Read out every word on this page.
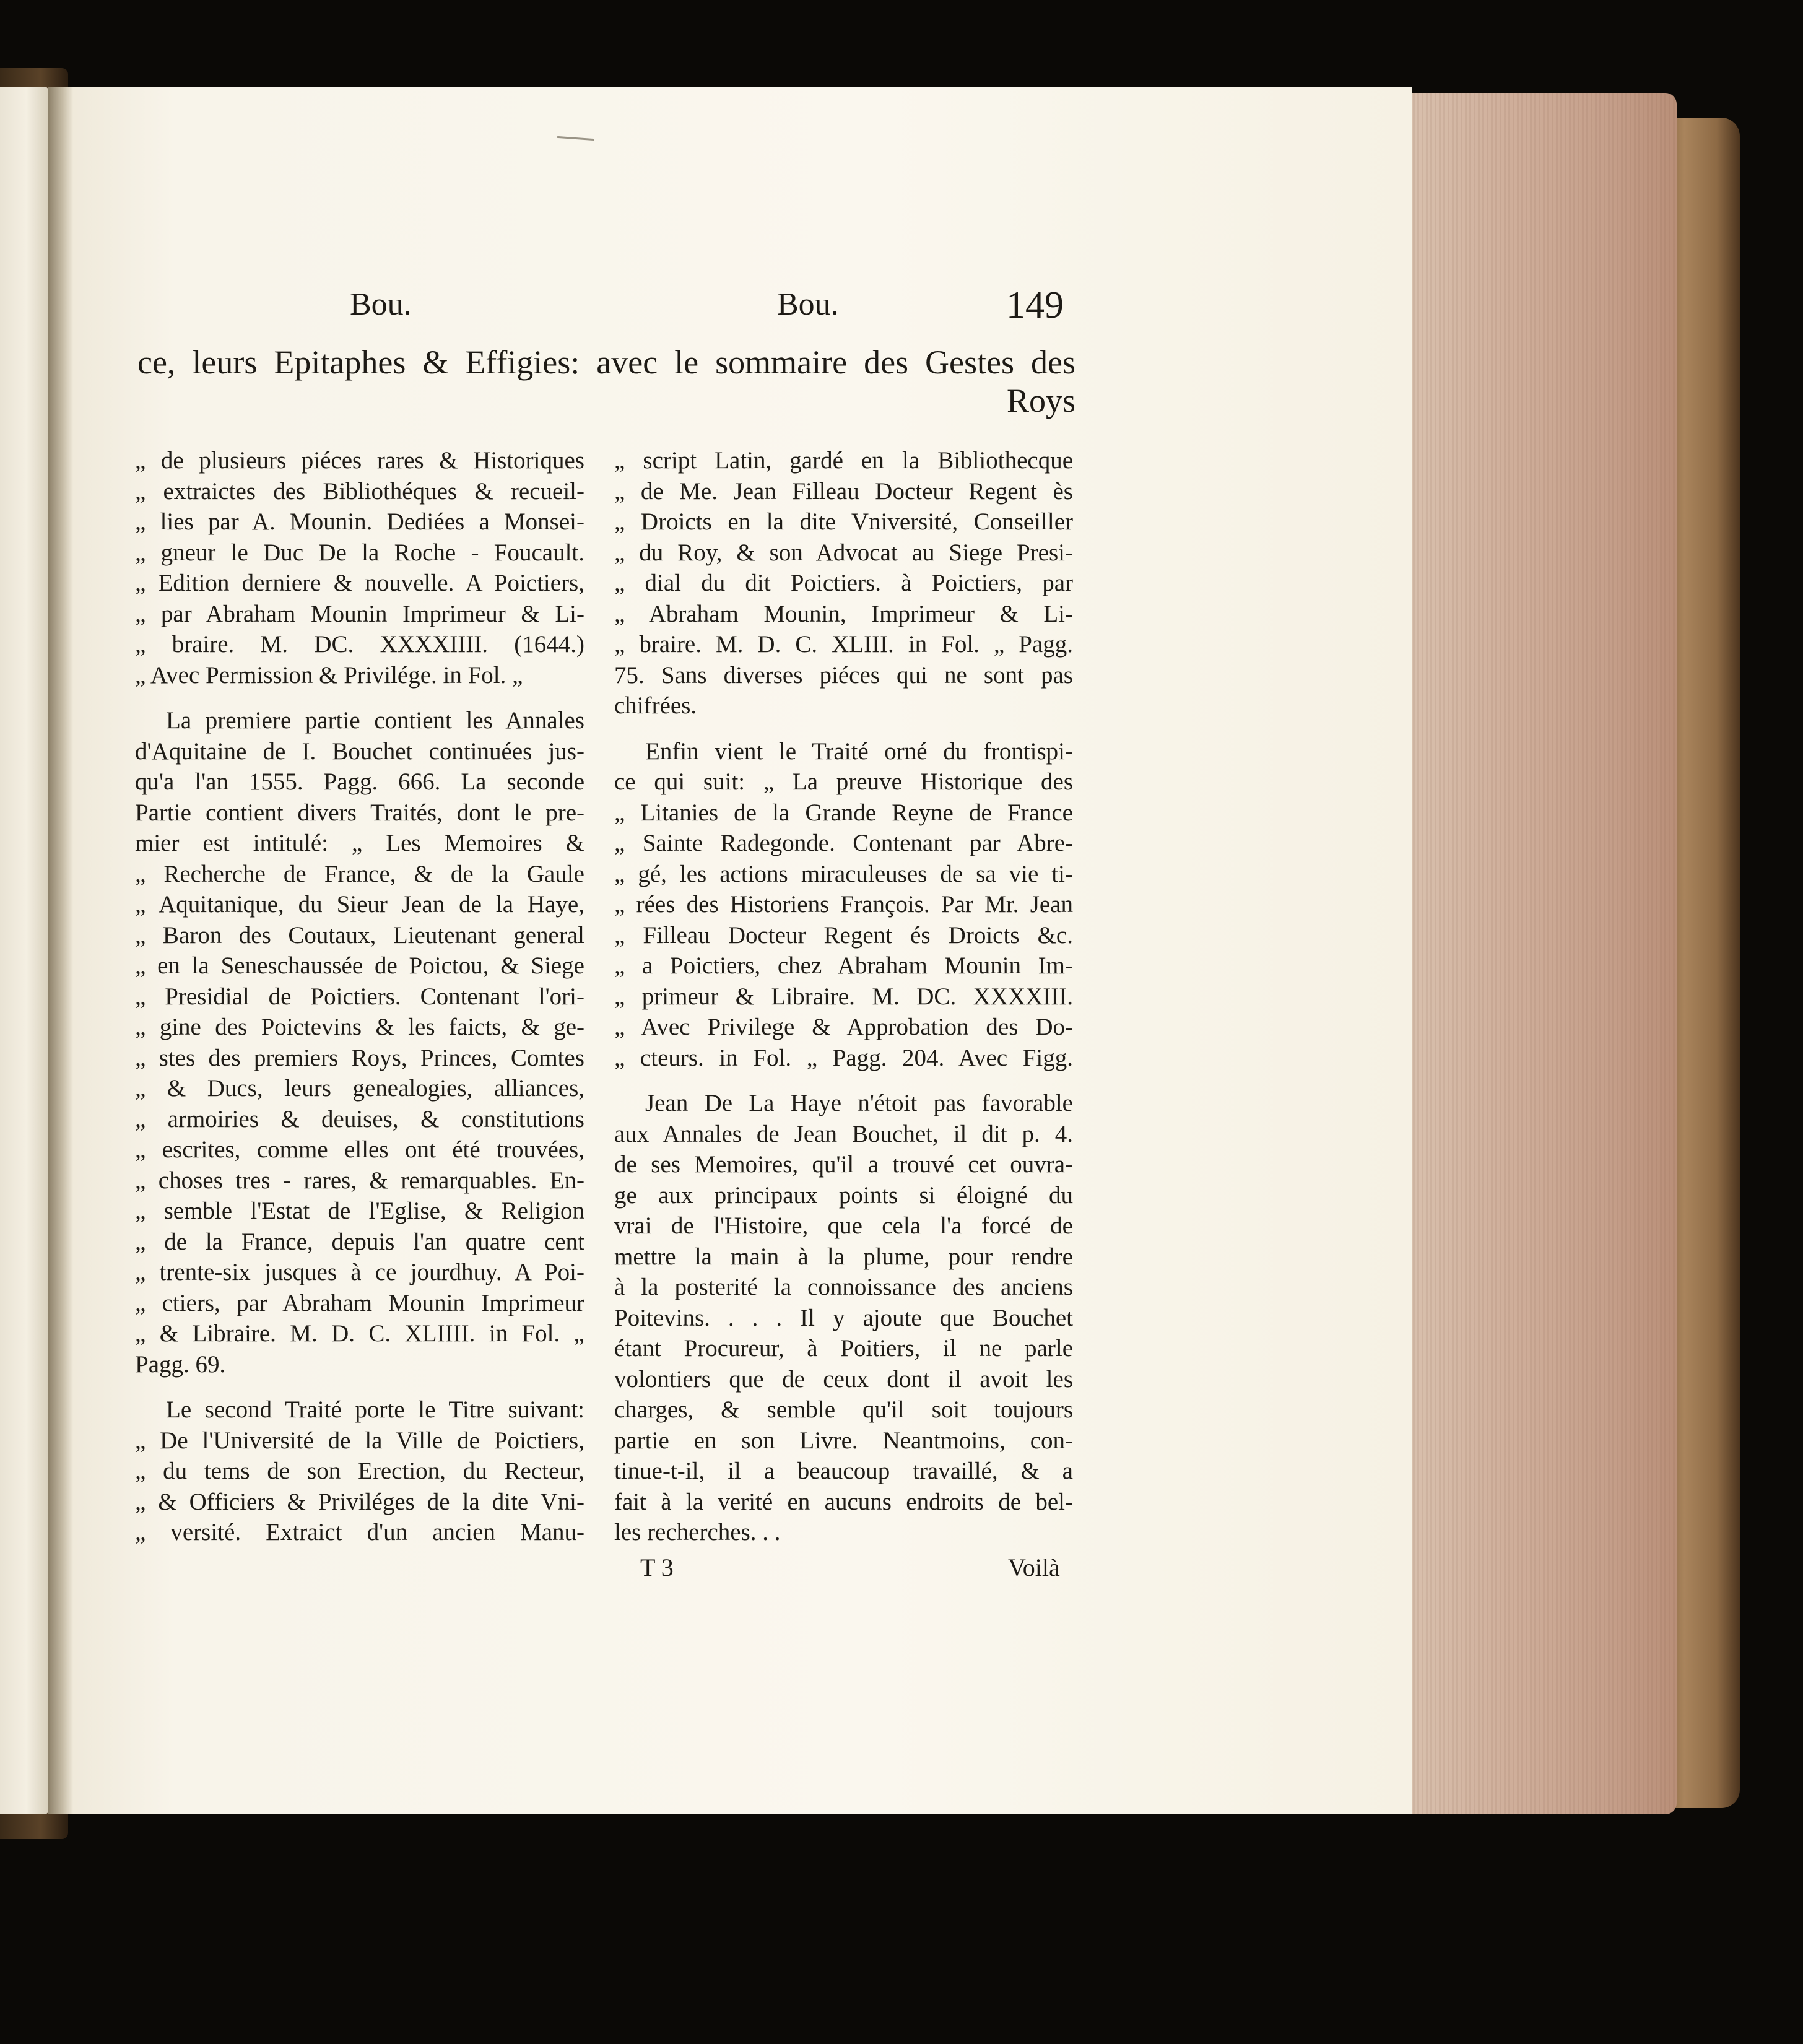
Bou.	Bou.	149
ce, leurs Epitaphes & Effigies: avec le sommaire des Gestes des
Roys

„ de plusieurs piéces rares & Historiques
„ extraictes des Bibliothéques & recueil-
„ lies par A. Mounin. Dediées a Monsei-
„ gneur le Duc De la Roche - Foucault.
„ Edition derniere & nouvelle. A Poictiers,
„ par Abraham Mounin Imprimeur & Li-
„ braire. M. DC. XXXXIIII. (1644.)
„ Avec Permission & Privilége. in Fol. „

La premiere partie contient les Annales
d'Aquitaine de I. Bouchet continuées jus-
qu'a l'an 1555. Pagg. 666. La seconde
Partie contient divers Traités, dont le pre-
mier est intitulé: „ Les Memoires &
„ Recherche de France, & de la Gaule
„ Aquitanique, du Sieur Jean de la Haye,
„ Baron des Coutaux, Lieutenant general
„ en la Seneschaussée de Poictou, & Siege
„ Presidial de Poictiers. Contenant l'ori-
„ gine des Poictevins & les faicts, & ge-
„ stes des premiers Roys, Princes, Comtes
„ & Ducs, leurs genealogies, alliances,
„ armoiries & deuises, & constitutions
„ escrites, comme elles ont été trouvées,
„ choses tres - rares, & remarquables. En-
„ semble l'Estat de l'Eglise, & Religion
„ de la France, depuis l'an quatre cent
„ trente-six jusques à ce jourdhuy. A Poi-
„ ctiers, par Abraham Mounin Imprimeur
„ & Libraire. M. D. C. XLIIII. in Fol. „
Pagg. 69.

Le second Traité porte le Titre suivant:
„ De l'Université de la Ville de Poictiers,
„ du tems de son Erection, du Recteur,
„ & Officiers & Priviléges de la dite Vni-
„ versité. Extraict d'un ancien Manu-

„ script Latin, gardé en la Bibliothecque
„ de Me. Jean Filleau Docteur Regent ès
„ Droicts en la dite Vniversité, Conseiller
„ du Roy, & son Advocat au Siege Presi-
„ dial du dit Poictiers. à Poictiers, par
„ Abraham Mounin, Imprimeur & Li-
„ braire. M. D. C. XLIII. in Fol. „ Pagg.
75. Sans diverses piéces qui ne sont pas
chifrées.

Enfin vient le Traité orné du frontispi-
ce qui suit: „ La preuve Historique des
„ Litanies de la Grande Reyne de France
„ Sainte Radegonde. Contenant par Abre-
„ gé, les actions miraculeuses de sa vie ti-
„ rées des Historiens François. Par Mr. Jean
„ Filleau Docteur Regent és Droicts &c.
„ a Poictiers, chez Abraham Mounin Im-
„ primeur & Libraire. M. DC. XXXXIII.
„ Avec Privilege & Approbation des Do-
„ cteurs. in Fol. „ Pagg. 204. Avec Figg.

Jean De La Haye n'étoit pas favorable
aux Annales de Jean Bouchet, il dit p. 4.
de ses Memoires, qu'il a trouvé cet ouvra-
ge aux principaux points si éloigné du
vrai de l'Histoire, que cela l'a forcé de
mettre la main à la plume, pour rendre
à la posterité la connoissance des anciens
Poitevins. . . . Il y ajoute que Bouchet
étant Procureur, à Poitiers, il ne parle
volontiers que de ceux dont il avoit les
charges, & semble qu'il soit toujours
partie en son Livre. Neantmoins, con-
tinue-t-il, il a beaucoup travaillé, & a
fait à la verité en aucuns endroits de bel-
les recherches. . .

T 3	Voilà
